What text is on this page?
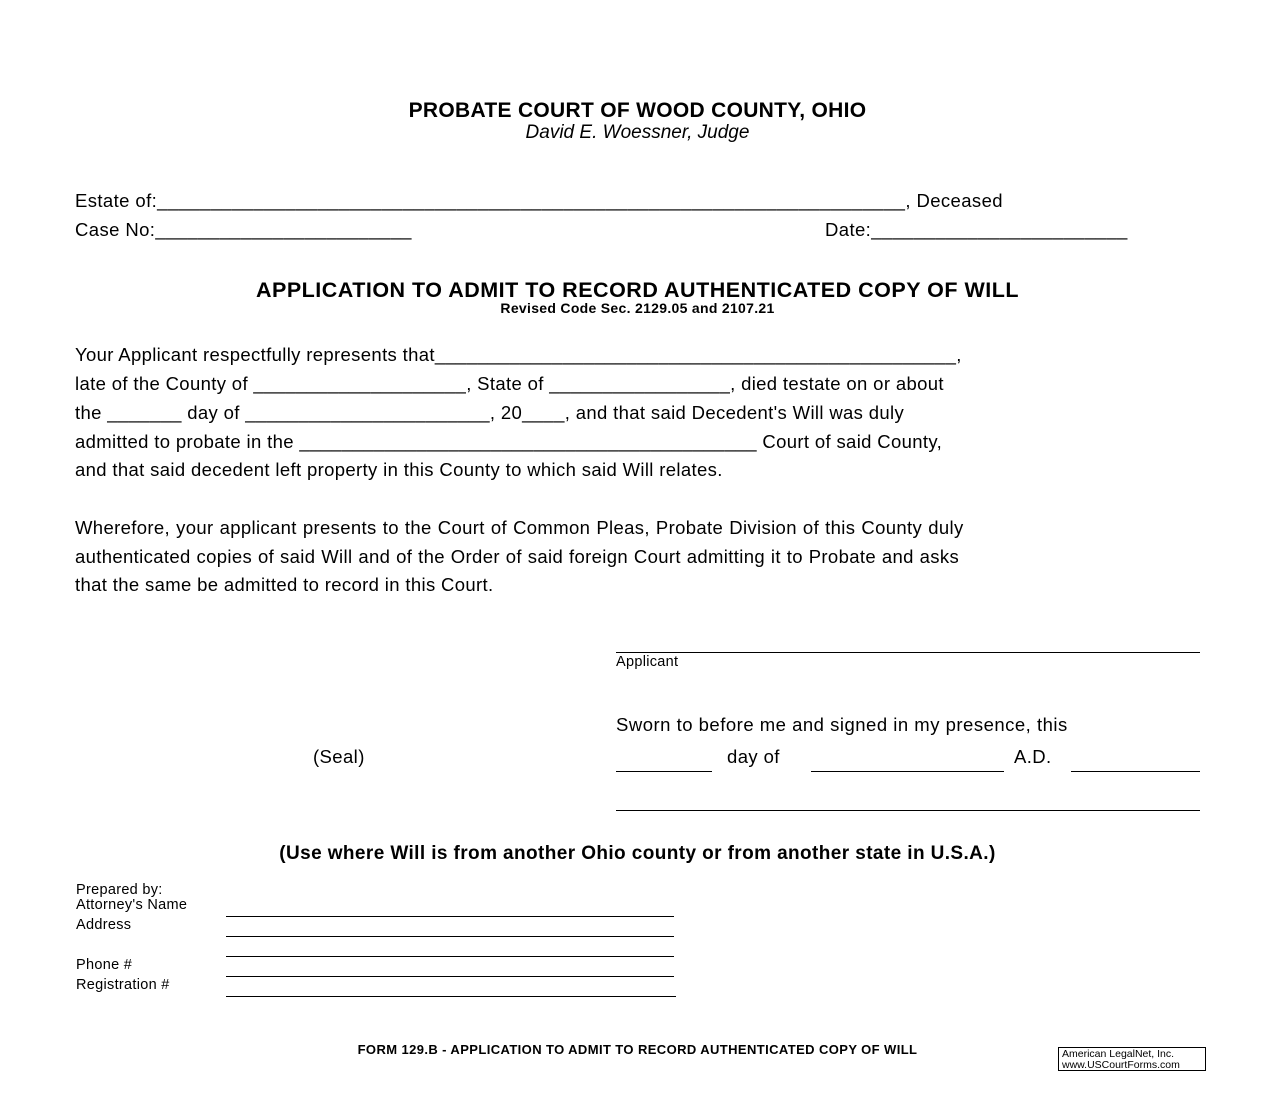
PROBATE COURT OF WOOD COUNTY, OHIO
David E. Woessner, Judge
Estate of:______________________________________________________________________, Deceased
Case No:________________________	Date:________________________
APPLICATION TO ADMIT TO RECORD AUTHENTICATED COPY OF WILL
Revised Code Sec. 2129.05 and 2107.21
Your Applicant respectfully represents that_________________________________________________,
late of the County of ____________________, State of _________________, died testate on or about
the _______ day of _______________________, 20____, and that said Decedent's Will was duly
admitted to probate in the ___________________________________________ Court of said County,
and that said decedent left property in this County to which said Will relates.
Wherefore, your applicant presents to the Court of Common Pleas, Probate Division of this County duly
authenticated copies of said Will and of the Order of said foreign Court admitting it to Probate and asks
that the same be admitted to record in this Court.
Applicant
Sworn to before me and signed in my presence, this
(Seal)	day of	A.D.
(Use where Will is from another Ohio county or from another state in U.S.A.)
Prepared by:
Attorney's Name
Address
Phone #
Registration #
FORM 129.B - APPLICATION TO ADMIT TO RECORD AUTHENTICATED COPY OF WILL	American LegalNet, Inc.
www.USCourtForms.com
